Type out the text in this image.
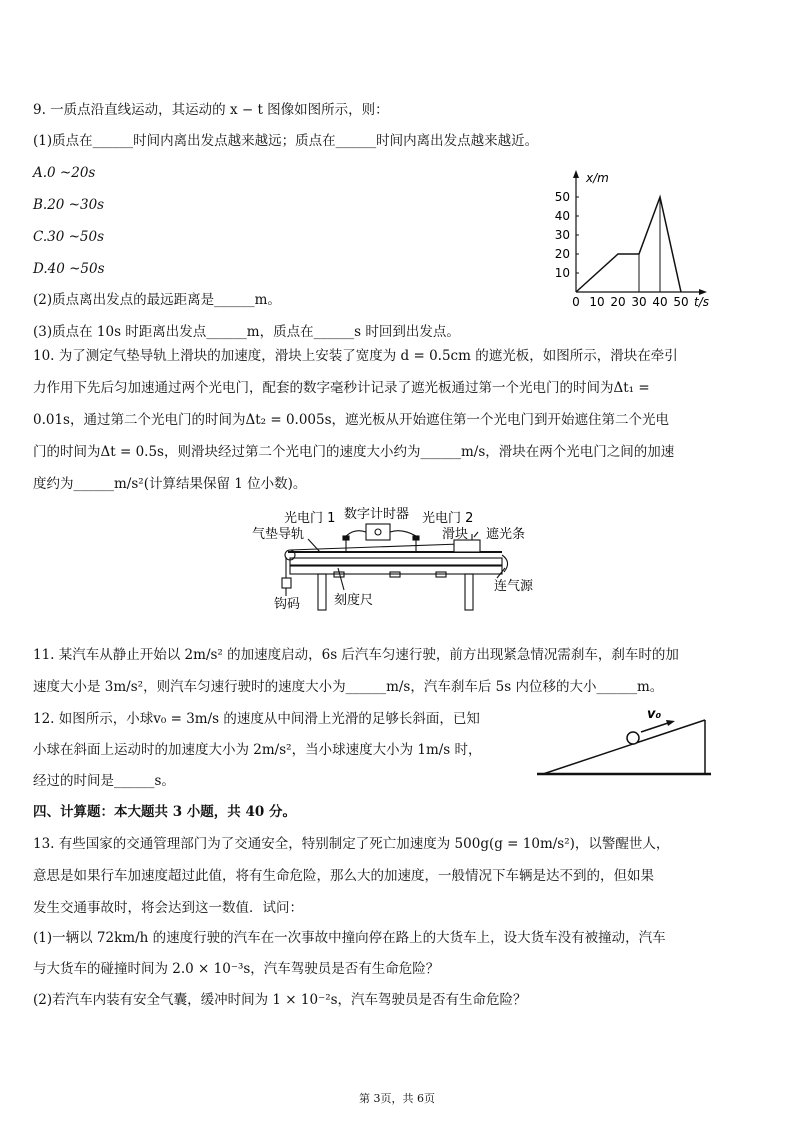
9. 一质点沿直线运动，其运动的 x − t 图像如图所示，则：
(1)质点在______时间内离出发点越来越远；质点在______时间内离出发点越来越近。
A.0 ~20s
B.20 ~30s
C.30 ~50s
D.40 ~50s
(2)质点离出发点的最远距离是______m。
(3)质点在 10s 时距离出发点______m，质点在______s 时回到出发点。
0 10 20 30 40 50
10
20
30
40
50
x/m
t/s
10. 为了测定气垫导轨上滑块的加速度，滑块上安装了宽度为 d = 0.5cm 的遮光板，如图所示，滑块在牵引
力作用下先后匀加速通过两个光电门，配套的数字毫秒计记录了遮光板通过第一个光电门的时间为Δt₁ =
0.01s，通过第二个光电门的时间为Δt₂ = 0.005s，遮光板从开始遮住第一个光电门到开始遮住第二个光电
门的时间为Δt = 0.5s，则滑块经过第二个光电门的速度大小约为______m/s，滑块在两个光电门之间的加速
度约为______m/s²(计算结果保留 1 位小数)。
数字计时器
光电门 1	光电门 2
气垫导轨	滑块 遮光条
钩码	刻度尺
连气源
11. 某汽车从静止开始以 2m/s² 的加速度启动，6s 后汽车匀速行驶，前方出现紧急情况需刹车，刹车时的加
速度大小是 3m/s²，则汽车匀速行驶时的速度大小为______m/s，汽车刹车后 5s 内位移的大小______m。
12. 如图所示，小球v₀ = 3m/s 的速度从中间滑上光滑的足够长斜面，已知
小球在斜面上运动时的加速度大小为 2m/s²，当小球速度大小为 1m/s 时，
经过的时间是______s。
v₀
四、计算题：本大题共 3 小题，共 40 分。
13. 有些国家的交通管理部门为了交通安全，特别制定了死亡加速度为 500g(g = 10m/s²)，以警醒世人，
意思是如果行车加速度超过此值，将有生命危险，那么大的加速度，一般情况下车辆是达不到的，但如果
发生交通事故时，将会达到这一数值．试问：
(1)一辆以 72km/h 的速度行驶的汽车在一次事故中撞向停在路上的大货车上，设大货车没有被撞动，汽车
与大货车的碰撞时间为 2.0 × 10⁻³s，汽车驾驶员是否有生命危险？
(2)若汽车内装有安全气囊，缓冲时间为 1 × 10⁻²s，汽车驾驶员是否有生命危险？
第 3页，共 6页
